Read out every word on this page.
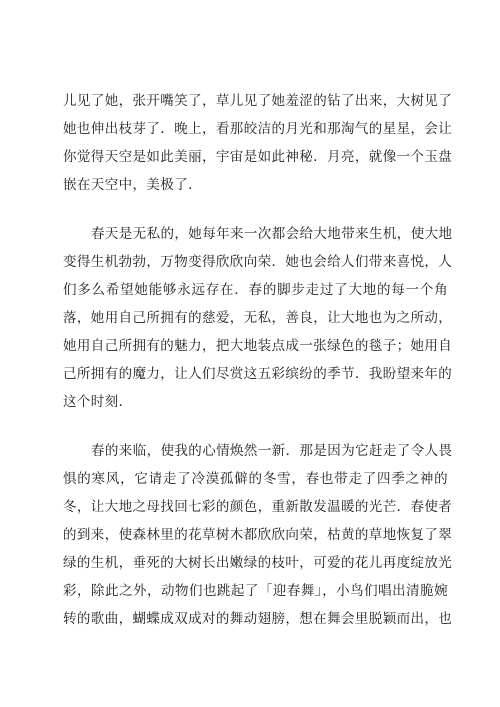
儿见了她，张开嘴笑了，草儿见了她羞涩的钻了出来，大树见了
她也伸出枝芽了．晚上，看那皎洁的月光和那淘气的星星，会让
你觉得天空是如此美丽，宇宙是如此神秘．月亮，就像一个玉盘
嵌在天空中，美极了．
春天是无私的，她每年来一次都会给大地带来生机，使大地
变得生机勃勃，万物变得欣欣向荣．她也会给人们带来喜悦，人
们多么希望她能够永远存在．春的脚步走过了大地的每一个角
落，她用自己所拥有的慈爱，无私，善良，让大地也为之所动，
她用自己所拥有的魅力，把大地装点成一张绿色的毯子；她用自
己所拥有的魔力，让人们尽赏这五彩缤纷的季节．我盼望来年的
这个时刻．
春的来临，使我的心情焕然一新．那是因为它赶走了令人畏
惧的寒风，它请走了冷漠孤僻的冬雪，春也带走了四季之神的
冬，让大地之母找回七彩的颜色，重新散发温暖的光芒．春使者
的到来，使森林里的花草树木都欣欣向荣，枯黄的草地恢复了翠
绿的生机，垂死的大树长出嫩绿的枝叶，可爱的花儿再度绽放光
彩，除此之外，动物们也跳起了「迎春舞」，小鸟们唱出清脆婉
转的歌曲，蝴蝶成双成对的舞动翅膀，想在舞会里脱颖而出，也
